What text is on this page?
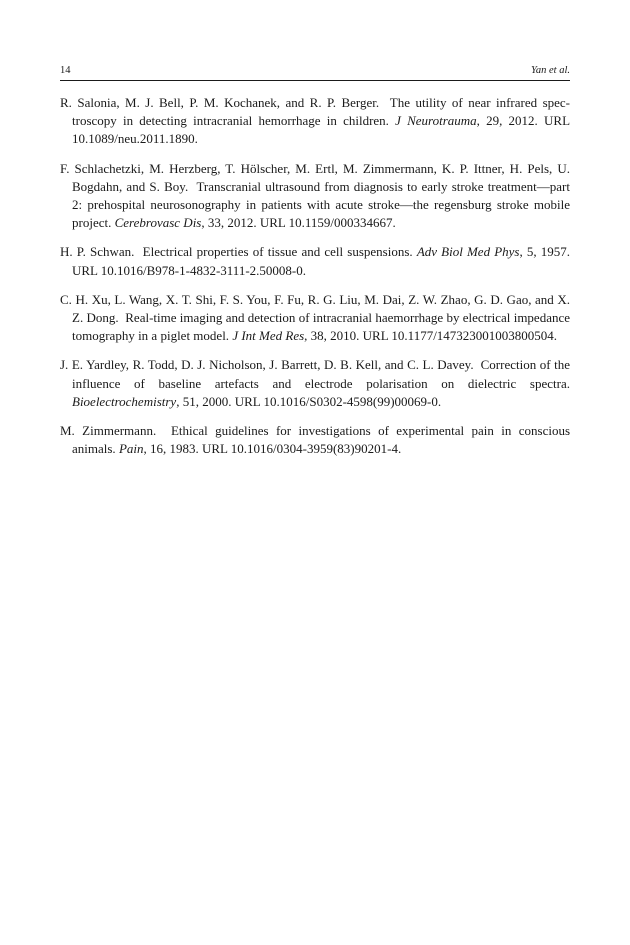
14	Yan et al.
R. Salonia, M. J. Bell, P. M. Kochanek, and R. P. Berger. The utility of near infrared spectroscopy in detecting intracranial hemorrhage in children. J Neurotrauma, 29, 2012. URL 10.1089/neu.2011.1890.
F. Schlachetzki, M. Herzberg, T. Hölscher, M. Ertl, M. Zimmermann, K. P. Ittner, H. Pels, U. Bogdahn, and S. Boy. Transcranial ultrasound from diagnosis to early stroke treatment—part 2: prehospital neurosonography in patients with acute stroke—the regensburg stroke mobile project. Cerebrovasc Dis, 33, 2012. URL 10.1159/000334667.
H. P. Schwan. Electrical properties of tissue and cell suspensions. Adv Biol Med Phys, 5, 1957. URL 10.1016/B978-1-4832-3111-2.50008-0.
C. H. Xu, L. Wang, X. T. Shi, F. S. You, F. Fu, R. G. Liu, M. Dai, Z. W. Zhao, G. D. Gao, and X. Z. Dong. Real-time imaging and detection of intracranial haemorrhage by electrical impedance tomography in a piglet model. J Int Med Res, 38, 2010. URL 10.​1177/147323001003800504.
J. E. Yardley, R. Todd, D. J. Nicholson, J. Barrett, D. B. Kell, and C. L. Davey. Correction of the influence of baseline artefacts and electrode polarisation on dielectric spectra. Bioelectrochemistry, 51, 2000. URL 10.1016/S0302-4598(99)00069-0.
M. Zimmermann. Ethical guidelines for investigations of experimental pain in conscious animals. Pain, 16, 1983. URL 10.1016/0304-3959(83)90201-4.
